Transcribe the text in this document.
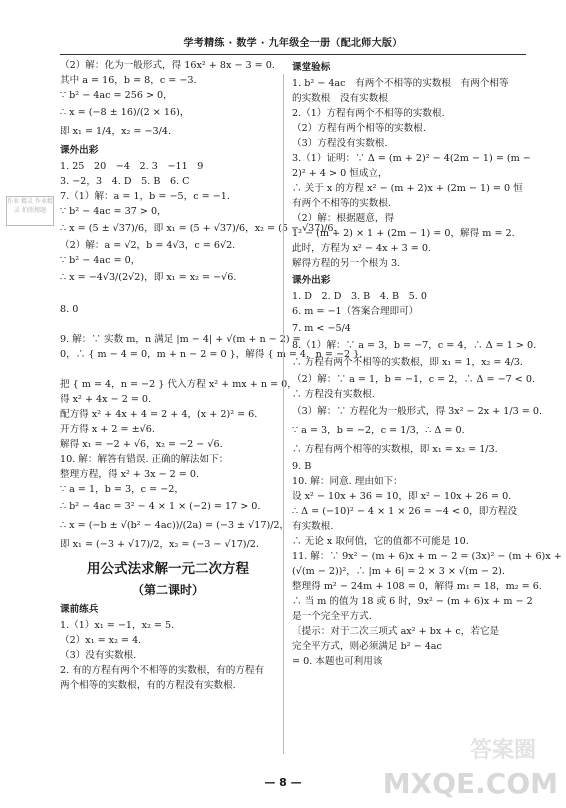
学考精练 · 数学 · 九年级全一册（配北师大版）
（2）解：化为一般形式，得 16x² + 8x − 3 = 0.
其中 a = 16，b = 8，c = −3.
∵ b² − 4ac = 256 > 0，
∴ x = (−8 ± 16)/(2 × 16)，
即 x₁ = 1/4，x₂ = −3/4.
课外出彩
1. 25　20　−4　2. 3　−11　9
3. −2，3　4. D　5. B　6. C
7.（1）解：a = 1，b = −5，c = −1.
∵ b² − 4ac = 37 > 0，
∴ x = (5 ± √37)/6，即 x₁ = (5 + √37)/6，x₂ = (5 − √37)/6.
（2）解：a = √2，b = 4√3，c = 6√2.
∵ b² − 4ac = 0，
∴ x = −4√3/(2√2)，即 x₁ = x₂ = −√6.

8. 0

9. 解：∵ 实数 m，n 满足 |m − 4| + √(m + n − 2) =
0，∴ { m − 4 = 0，m + n − 2 = 0 }，解得 { m = 4，n = −2 }.

把 { m = 4，n = −2 } 代入方程 x² + mx + n = 0，
得 x² + 4x − 2 = 0.
配方得 x² + 4x + 4 = 2 + 4，(x + 2)² = 6.
开方得 x + 2 = ±√6.
解得 x₁ = −2 + √6，x₂ = −2 − √6.
10. 解：解答有错误. 正确的解法如下：
整理方程，得 x² + 3x − 2 = 0.
∵ a = 1，b = 3，c = −2，
∴ b² − 4ac = 3² − 4 × 1 × (−2) = 17 > 0.
∴ x = (−b ± √(b² − 4ac))/(2a) = (−3 ± √17)/2，
即 x₁ = (−3 + √17)/2，x₂ = (−3 − √17)/2.
用公式法求解一元二次方程
（第二课时）
课前练兵
1.（1）x₁ = −1，x₂ = 5.
（2）x₁ = x₂ = 4.
（3）没有实数根.
2. 有的方程有两个不相等的实数根，有的方程有
两个相等的实数根，有的方程没有实数根.
课堂验标
1. b² − 4ac　有两个不相等的实数根　有两个相等
的实数根　没有实数根
2.（1）方程有两个不相等的实数根.
（2）方程有两个相等的实数根.
（3）方程没有实数根.
3.（1）证明：∵ Δ = (m + 2)² − 4(2m − 1) = (m −
2)² + 4 > 0 恒成立，
∴ 关于 x 的方程 x² − (m + 2)x + (2m − 1) = 0 恒
有两个不相等的实数根.
（2）解：根据题意，得
1² − (m + 2) × 1 + (2m − 1) = 0，解得 m = 2.
此时，方程为 x² − 4x + 3 = 0.
解得方程的另一个根为 3.
课外出彩
1. D　2. D　3. B　4. B　5. 0
6. m = −1（答案合理即可）
7. m < −5/4
8.（1）解：∵ a = 3，b = −7，c = 4，∴ Δ = 1 > 0.
∴ 方程有两个不相等的实数根，即 x₁ = 1，x₂ = 4/3.
（2）解：∵ a = 1，b = −1，c = 2，∴ Δ = −7 < 0.
∴ 方程没有实数根.
（3）解：∵ 方程化为一般形式，得 3x² − 2x + 1/3 = 0.
∵ a = 3，b = −2，c = 1/3，∴ Δ = 0.
∴ 方程有两个相等的实数根，即 x₁ = x₂ = 1/3.
9. B
10. 解：同意. 理由如下：
设 x² − 10x + 36 = 10，即 x² − 10x + 26 = 0.
∴ Δ = (−10)² − 4 × 1 × 26 = −4 < 0，即方程没
有实数根.
∴ 无论 x 取何值，它的值都不可能是 10.
11. 解：∵ 9x² − (m + 6)x + m − 2 = (3x)² − (m + 6)x +
(√(m − 2))²，∴ |m + 6| = 2 × 3 × √(m − 2).
整理得 m² − 24m + 108 = 0，解得 m₁ = 18，m₂ = 6.
∴ 当 m 的值为 18 或 6 时，9x² − (m + 6)x + m − 2
是一个完全平方式.
〔提示：对于二次三项式 ax² + bx + c，若它是
完全平方式，则必须满足 b² − 4ac
= 0. 本题也可利用该
作业 精灵 作业精灵 拍照搜题
答案圈
MXQE.COM
— 8 —
